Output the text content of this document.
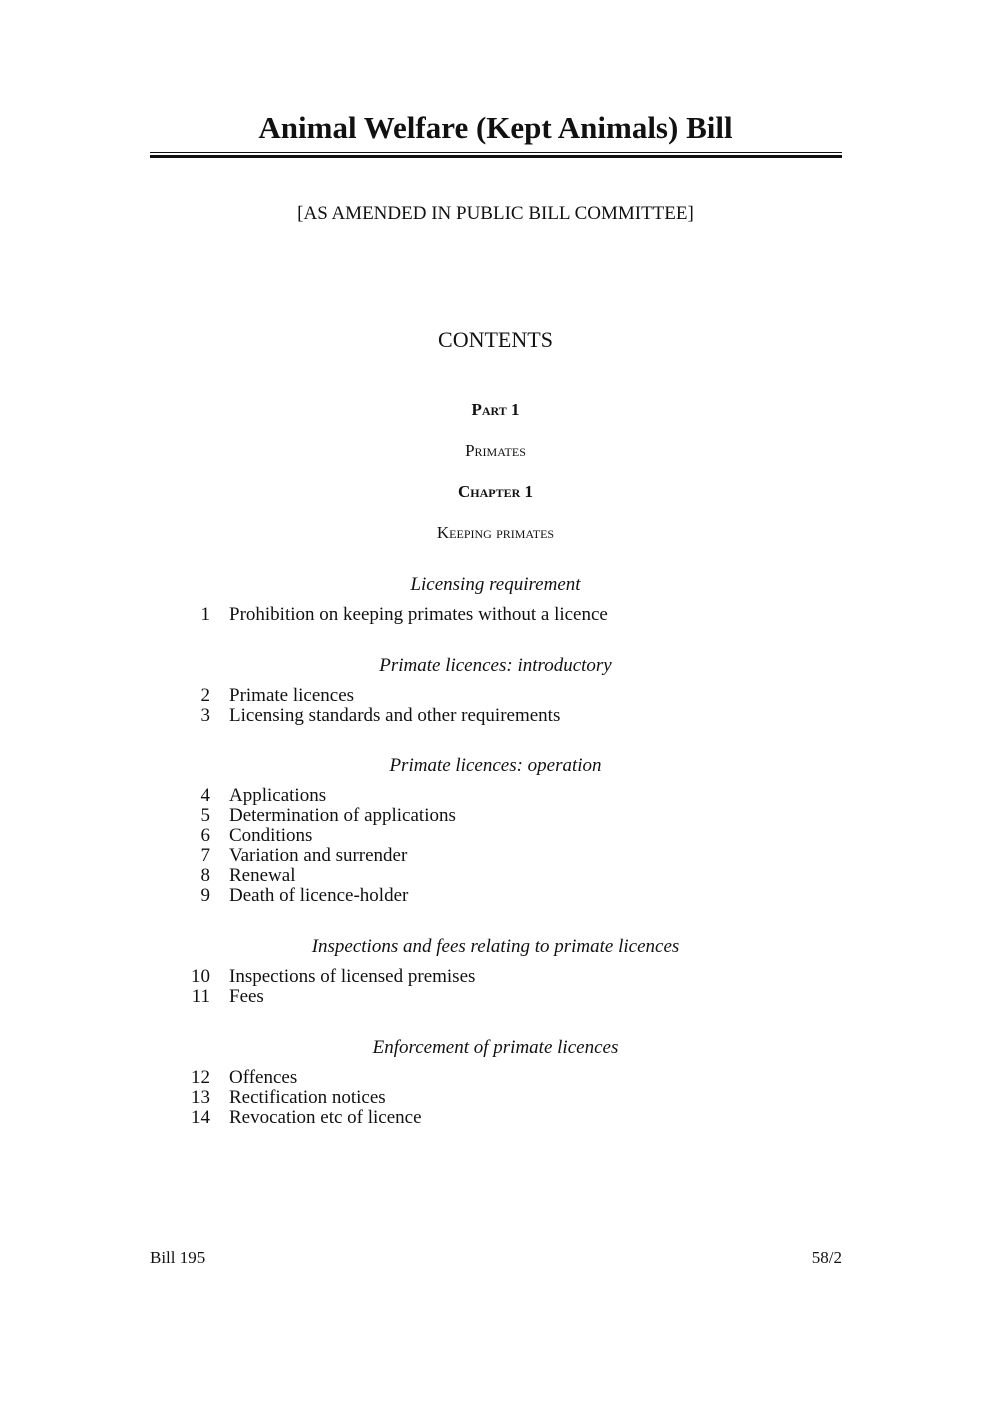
Animal Welfare (Kept Animals) Bill
[AS AMENDED IN PUBLIC BILL COMMITTEE]
CONTENTS
Part 1
Primates
Chapter 1
Keeping primates
Licensing requirement
1 Prohibition on keeping primates without a licence
Primate licences: introductory
2 Primate licences
3 Licensing standards and other requirements
Primate licences: operation
4 Applications
5 Determination of applications
6 Conditions
7 Variation and surrender
8 Renewal
9 Death of licence-holder
Inspections and fees relating to primate licences
10 Inspections of licensed premises
11 Fees
Enforcement of primate licences
12 Offences
13 Rectification notices
14 Revocation etc of licence
Bill 195	58/2
